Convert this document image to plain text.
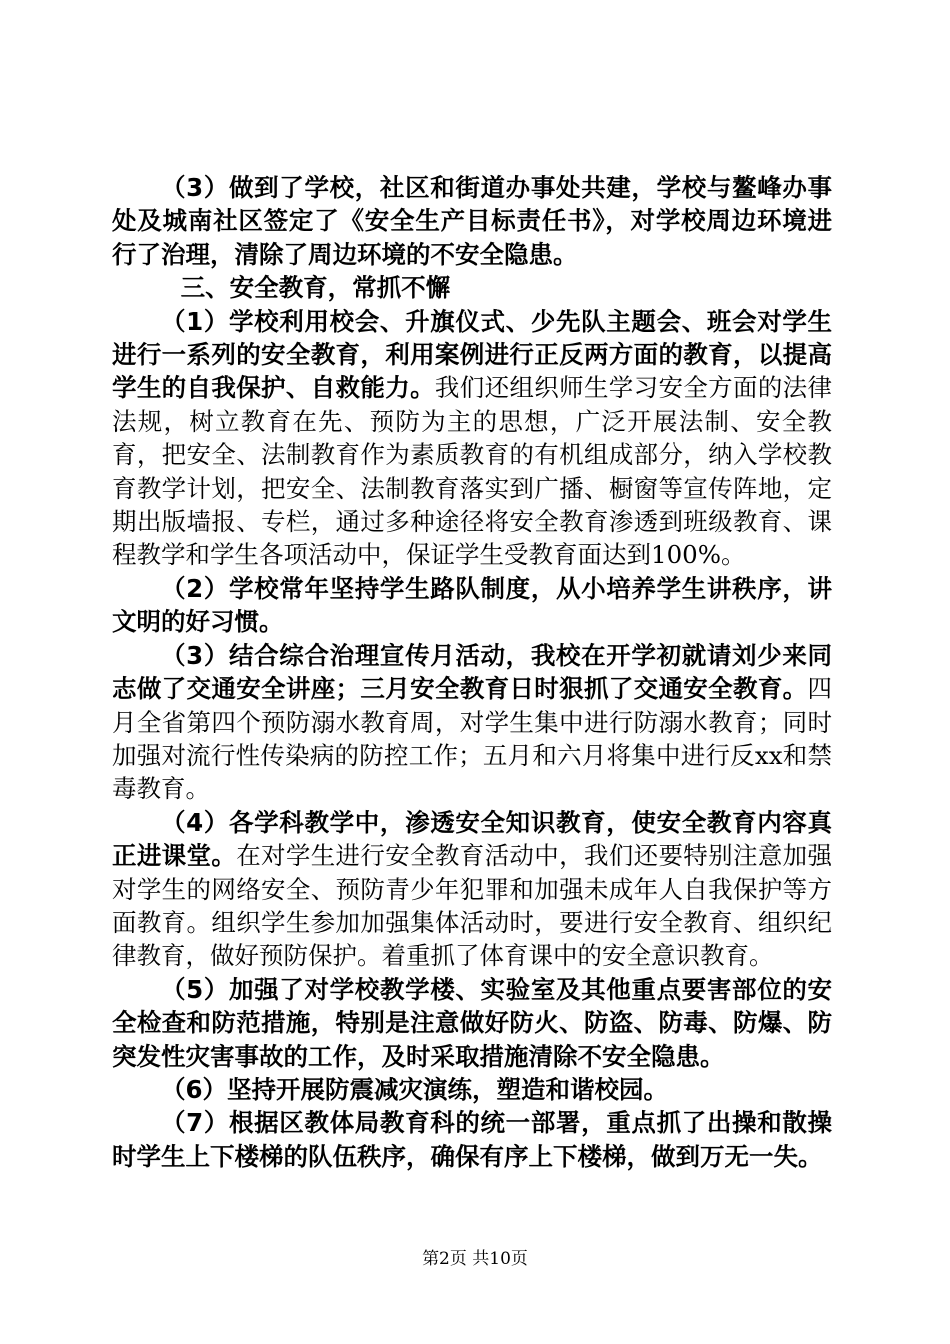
（3）做到了学校，社区和街道办事处共建，学校与鳌峰办事处及城南社区签定了《安全生产目标责任书》，对学校周边环境进行了治理，清除了周边环境的不安全隐患。

三、安全教育，常抓不懈

（1）学校利用校会、升旗仪式、少先队主题会、班会对学生进行一系列的安全教育，利用案例进行正反两方面的教育，以提高学生的自我保护、自救能力。我们还组织师生学习安全方面的法律法规，树立教育在先、预防为主的思想，广泛开展法制、安全教育，把安全、法制教育作为素质教育的有机组成部分，纳入学校教育教学计划，把安全、法制教育落实到广播、橱窗等宣传阵地，定期出版墙报、专栏，通过多种途径将安全教育渗透到班级教育、课程教学和学生各项活动中，保证学生受教育面达到100%。

（2）学校常年坚持学生路队制度，从小培养学生讲秩序，讲文明的好习惯。

（3）结合综合治理宣传月活动，我校在开学初就请刘少来同志做了交通安全讲座；三月安全教育日时狠抓了交通安全教育。四月全省第四个预防溺水教育周，对学生集中进行防溺水教育；同时加强对流行性传染病的防控工作；五月和六月将集中进行反xx和禁毒教育。

（4）各学科教学中，渗透安全知识教育，使安全教育内容真正进课堂。在对学生进行安全教育活动中，我们还要特别注意加强对学生的网络安全、预防青少年犯罪和加强未成年人自我保护等方面教育。组织学生参加加强集体活动时，要进行安全教育、组织纪律教育，做好预防保护。着重抓了体育课中的安全意识教育。

（5）加强了对学校教学楼、实验室及其他重点要害部位的安全检查和防范措施，特别是注意做好防火、防盗、防毒、防爆、防突发性灾害事故的工作，及时采取措施清除不安全隐患。

（6）坚持开展防震减灾演练，塑造和谐校园。

（7）根据区教体局教育科的统一部署，重点抓了出操和散操时学生上下楼梯的队伍秩序，确保有序上下楼梯，做到万无一失。

第2页 共10页
